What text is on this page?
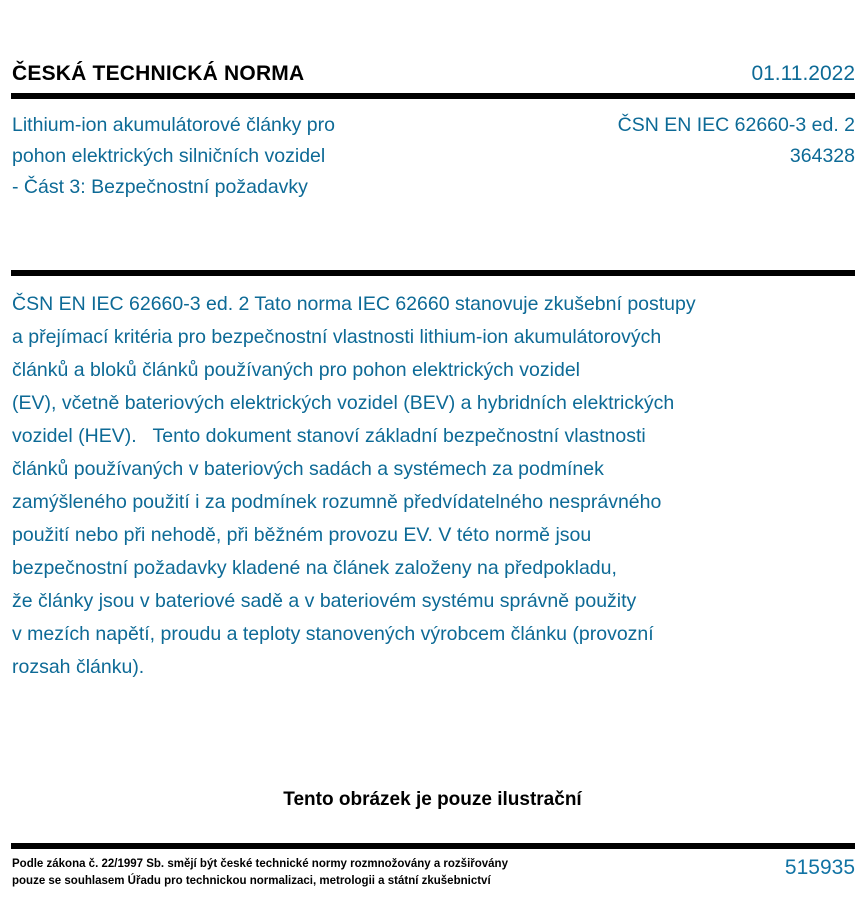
ČESKÁ TECHNICKÁ NORMA	01.11.2022
Lithium-ion akumulátorové články pro
pohon elektrických silničních vozidel
- Část 3: Bezpečnostní požadavky
ČSN EN IEC 62660-3 ed. 2
364328
ČSN EN IEC 62660-3 ed. 2 Tato norma IEC 62660 stanovuje zkušební postupy
a přejímací kritéria pro bezpečnostní vlastnosti lithium-ion akumulátorových
článků a bloků článků používaných pro pohon elektrických vozidel
(EV), včetně bateriových elektrických vozidel (BEV) a hybridních elektrických
vozidel (HEV).   Tento dokument stanoví základní bezpečnostní vlastnosti
článků používaných v bateriových sadách a systémech za podmínek
zamýšleného použití i za podmínek rozumně předvídatelného nesprávného
použití nebo při nehodě, při běžném provozu EV. V této normě jsou
bezpečnostní požadavky kladené na článek založeny na předpokladu,
že články jsou v bateriové sadě a v bateriovém systému správně použity
v mezích napětí, proudu a teploty stanovených výrobcem článku (provozní
rozsah článku).
Tento obrázek je pouze ilustrační
Podle zákona č. 22/1997 Sb. smějí být české technické normy rozmnožovány a rozšiřovány
pouze se souhlasem Úřadu pro technickou normalizaci, metrologii a státní zkušebnictví
515935
